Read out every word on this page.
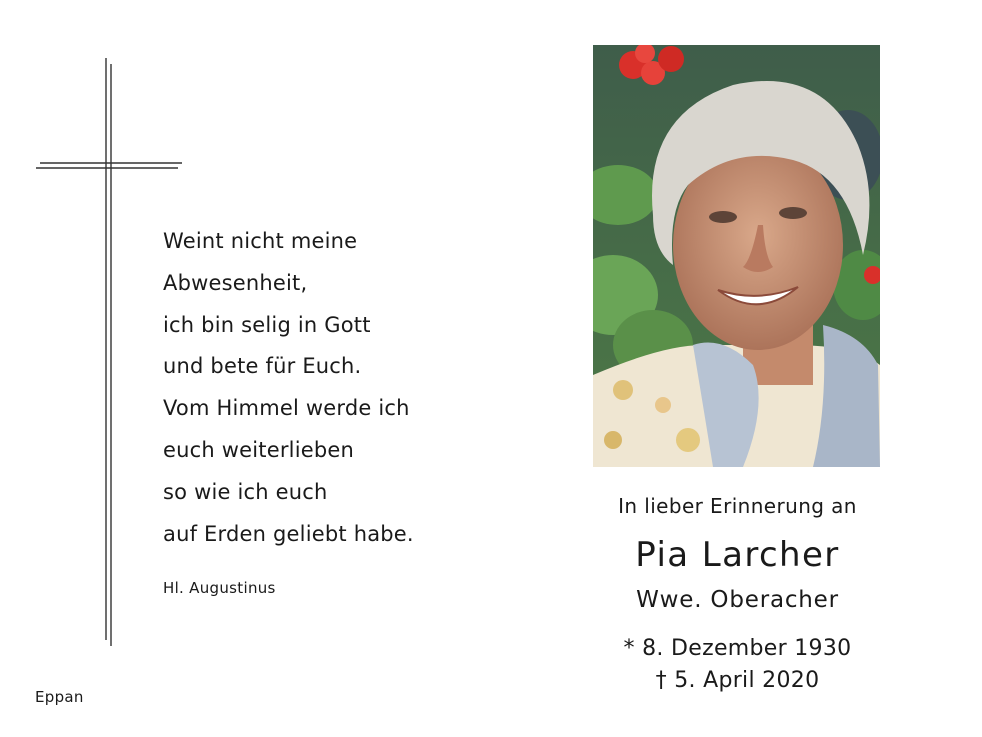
Weint nicht meine
Abwesenheit,
ich bin selig in Gott
und bete für Euch.
Vom Himmel werde ich
euch weiterlieben
so wie ich euch
auf Erden geliebt habe.
Hl. Augustinus
Eppan
In lieber Erinnerung an
Pia Larcher
Wwe. Oberacher
* 8. Dezember 1930
† 5. April 2020
